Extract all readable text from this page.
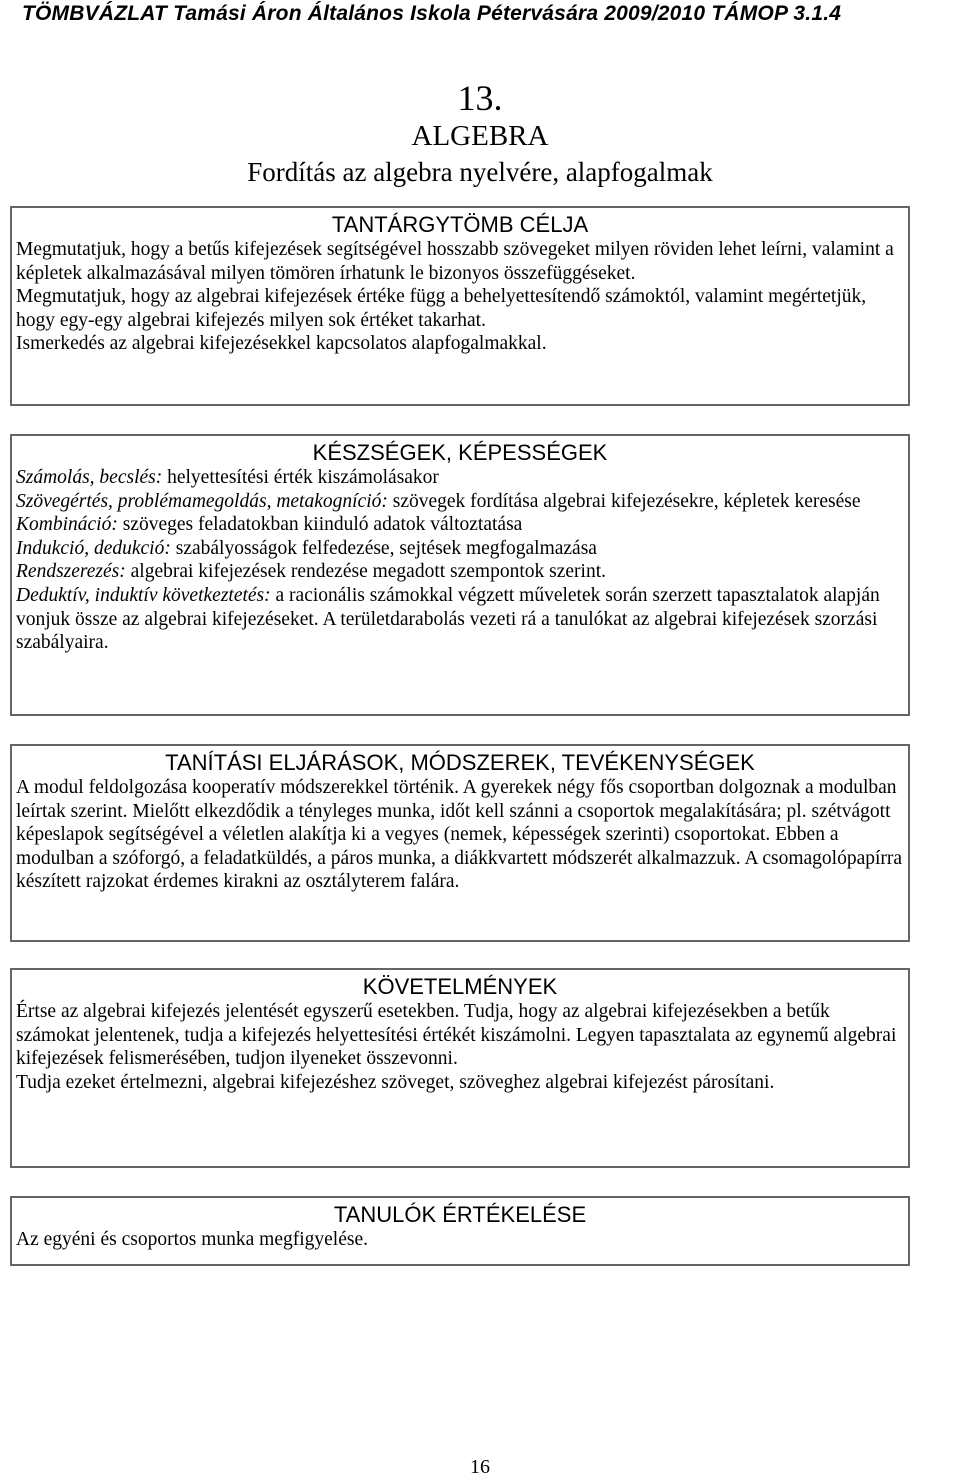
TÖMBVÁZLAT Tamási Áron Általános Iskola Pétervására 2009/2010 TÁMOP 3.1.4
13.
ALGEBRA
Fordítás az algebra nyelvére, alapfogalmak
TANTÁRGYTÖMB CÉLJA

Megmutatjuk, hogy a betűs kifejezések segítségével hosszabb szövegeket milyen röviden lehet leírni, valamint a képletek alkalmazásával milyen tömören írhatunk le bizonyos összefüggéseket.

Megmutatjuk, hogy az algebrai kifejezések értéke függ a behelyettesítendő számoktól, valamint megértetjük, hogy egy-egy algebrai kifejezés milyen sok értéket takarhat.

Ismerkedés az algebrai kifejezésekkel kapcsolatos alapfogalmakkal.

KÉSZSÉGEK, KÉPESSÉGEK

Számolás, becslés: helyettesítési érték kiszámolásakor

Szövegértés, problémamegoldás, metakogníció: szövegek fordítása algebrai kifejezésekre, képletek keresése

Kombináció: szöveges feladatokban kiinduló adatok változtatása

Indukció, dedukció: szabályosságok felfedezése, sejtések megfogalmazása

Rendszerezés: algebrai kifejezések rendezése megadott szempontok szerint.

Deduktív, induktív következtetés: a racionális számokkal végzett műveletek során szerzett tapasztalatok alapján vonjuk össze az algebrai kifejezéseket. A területdarabolás vezeti rá a tanulókat az algebrai kifejezések szorzási szabályaira.

TANÍTÁSI ELJÁRÁSOK, MÓDSZEREK, TEVÉKENYSÉGEK

A modul feldolgozása kooperatív módszerekkel történik. A gyerekek négy fős csoportban dolgoznak a modulban leírtak szerint. Mielőtt elkezdődik a tényleges munka, időt kell szánni a csoportok megalakítására; pl. szétvágott képeslapok segítségével a véletlen alakítja ki a vegyes (nemek, képességek szerinti) csoportokat. Ebben a modulban a szóforgó, a feladatküldés, a páros munka, a diákkvartett módszerét alkalmazzuk. A csomagolópapírra készített rajzokat érdemes kirakni az osztályterem falára.

KÖVETELMÉNYEK

Értse az algebrai kifejezés jelentését egyszerű esetekben. Tudja, hogy az algebrai kifejezésekben a betűk számokat jelentenek, tudja a kifejezés helyettesítési értékét kiszámolni. Legyen tapasztalata az egynemű algebrai kifejezések felismerésében, tudjon ilyeneket összevonni.

Tudja ezeket értelmezni, algebrai kifejezéshez szöveget, szöveghez algebrai kifejezést párosítani.

TANULÓK ÉRTÉKELÉSE

Az egyéni és csoportos munka megfigyelése.

16
